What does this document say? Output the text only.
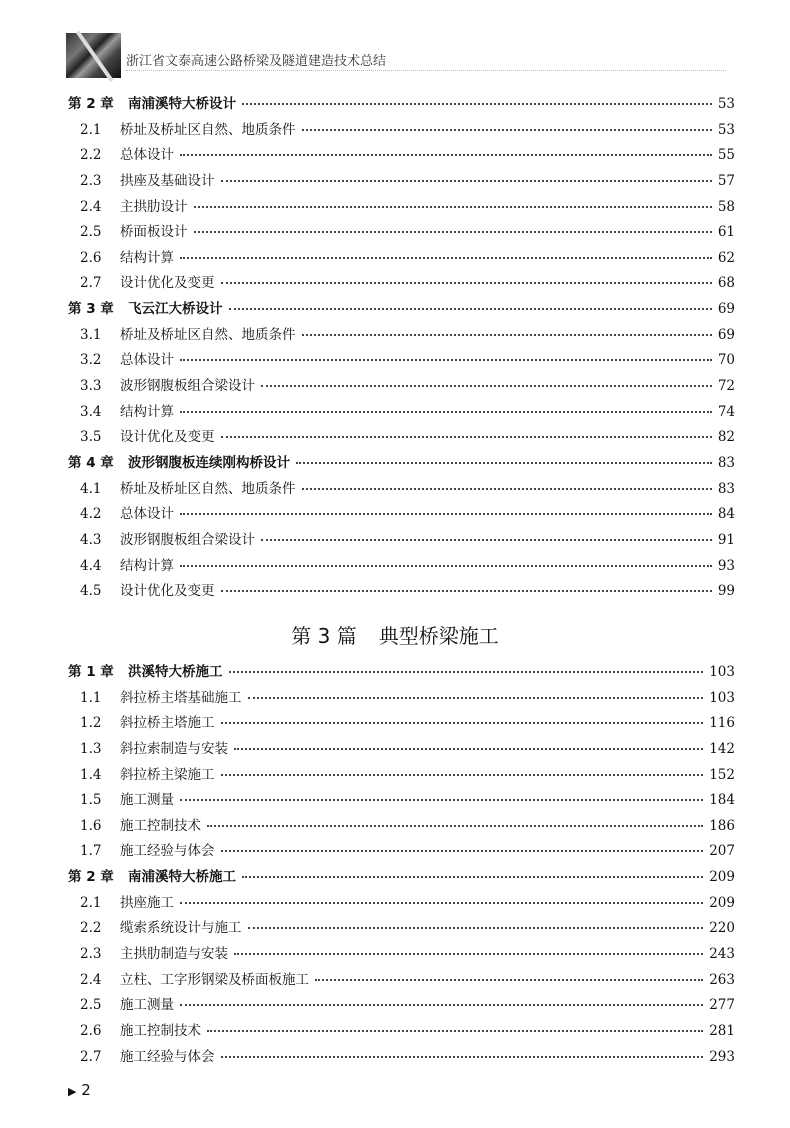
浙江省文泰高速公路桥梁及隧道建造技术总结
第 2 章	南浦溪特大桥设计	53
2.1	桥址及桥址区自然、地质条件	53
2.2	总体设计	55
2.3	拱座及基础设计	57
2.4	主拱肋设计	58
2.5	桥面板设计	61
2.6	结构计算	62
2.7	设计优化及变更	68
第 3 章	飞云江大桥设计	69
3.1	桥址及桥址区自然、地质条件	69
3.2	总体设计	70
3.3	波形钢腹板组合梁设计	72
3.4	结构计算	74
3.5	设计优化及变更	82
第 4 章	波形钢腹板连续刚构桥设计	83
4.1	桥址及桥址区自然、地质条件	83
4.2	总体设计	84
4.3	波形钢腹板组合梁设计	91
4.4	结构计算	93
4.5	设计优化及变更	99
第 3 篇 典型桥梁施工
第 1 章	洪溪特大桥施工	103
1.1	斜拉桥主塔基础施工	103
1.2	斜拉桥主塔施工	116
1.3	斜拉索制造与安装	142
1.4	斜拉桥主梁施工	152
1.5	施工测量	184
1.6	施工控制技术	186
1.7	施工经验与体会	207
第 2 章	南浦溪特大桥施工	209
2.1	拱座施工	209
2.2	缆索系统设计与施工	220
2.3	主拱肋制造与安装	243
2.4	立柱、工字形钢梁及桥面板施工	263
2.5	施工测量	277
2.6	施工控制技术	281
2.7	施工经验与体会	293
▶ 2
